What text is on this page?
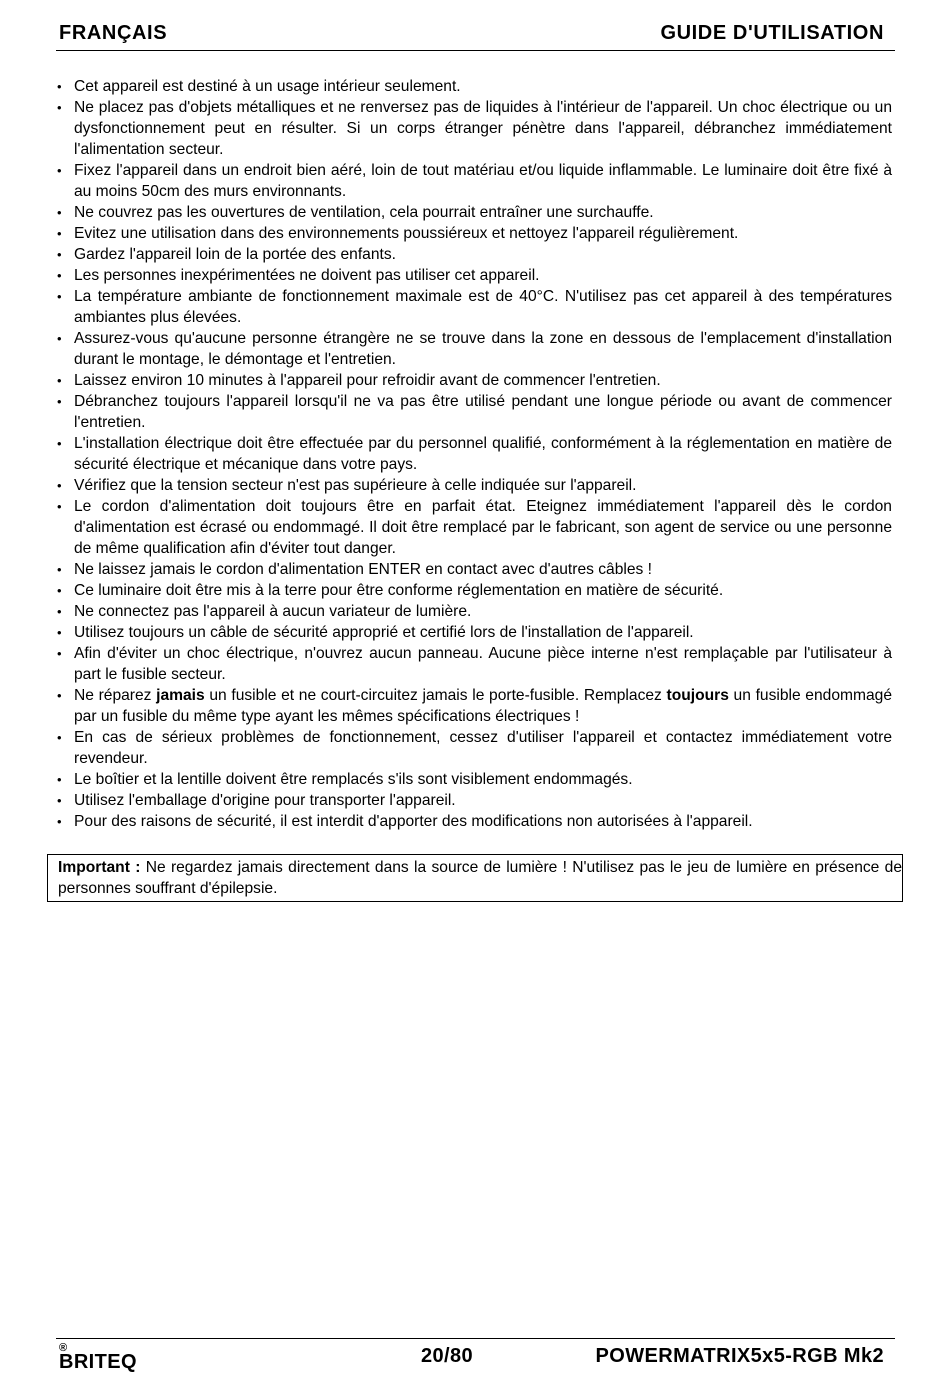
FRANÇAIS	GUIDE D'UTILISATION
• Cet appareil est destiné à un usage intérieur seulement.
• Ne placez pas d'objets métalliques et ne renversez pas de liquides à l'intérieur de l'appareil. Un choc électrique ou un dysfonctionnement peut en résulter. Si un corps étranger pénètre dans l'appareil, débranchez immédiatement l'alimentation secteur.
• Fixez l'appareil dans un endroit bien aéré, loin de tout matériau et/ou liquide inflammable. Le luminaire doit être fixé à au moins 50cm des murs environnants.
• Ne couvrez pas les ouvertures de ventilation, cela pourrait entraîner une surchauffe.
• Evitez une utilisation dans des environnements poussiéreux et nettoyez l'appareil régulièrement.
• Gardez l'appareil loin de la portée des enfants.
• Les personnes inexpérimentées ne doivent pas utiliser cet appareil.
• La température ambiante de fonctionnement maximale est de 40°C. N'utilisez pas cet appareil à des températures ambiantes plus élevées.
• Assurez-vous qu'aucune personne étrangère ne se trouve dans la zone en dessous de l'emplacement d'installation durant le montage, le démontage et l'entretien.
• Laissez environ 10 minutes à l'appareil pour refroidir avant de commencer l'entretien.
• Débranchez toujours l'appareil lorsqu'il ne va pas être utilisé pendant une longue période ou avant de commencer l'entretien.
• L'installation électrique doit être effectuée par du personnel qualifié, conformément à la réglementation en matière de sécurité électrique et mécanique dans votre pays.
• Vérifiez que la tension secteur n'est pas supérieure à celle indiquée sur l'appareil.
• Le cordon d'alimentation doit toujours être en parfait état. Eteignez immédiatement l'appareil dès le cordon d'alimentation est écrasé ou endommagé. Il doit être remplacé par le fabricant, son agent de service ou une personne de même qualification afin d'éviter tout danger.
• Ne laissez jamais le cordon d'alimentation ENTER en contact avec d'autres câbles !
• Ce luminaire doit être mis à la terre pour être conforme réglementation en matière de sécurité.
• Ne connectez pas l'appareil à aucun variateur de lumière.
• Utilisez toujours un câble de sécurité approprié et certifié lors de l'installation de l'appareil.
• Afin d'éviter un choc électrique, n'ouvrez aucun panneau. Aucune pièce interne n'est remplaçable par l'utilisateur à part le fusible secteur.
• Ne réparez jamais un fusible et ne court-circuitez jamais le porte-fusible. Remplacez toujours un fusible endommagé par un fusible du même type ayant les mêmes spécifications électriques !
• En cas de sérieux problèmes de fonctionnement, cessez d'utiliser l'appareil et contactez immédiatement votre revendeur.
• Le boîtier et la lentille doivent être remplacés s'ils sont visiblement endommagés.
• Utilisez l'emballage d'origine pour transporter l'appareil.
• Pour des raisons de sécurité, il est interdit d'apporter des modifications non autorisées à l'appareil.
Important : Ne regardez jamais directement dans la source de lumière ! N'utilisez pas le jeu de lumière en présence de personnes souffrant d'épilepsie.
BRITEQ
®	20/80	POWERMATRIX5x5-RGB Mk2
